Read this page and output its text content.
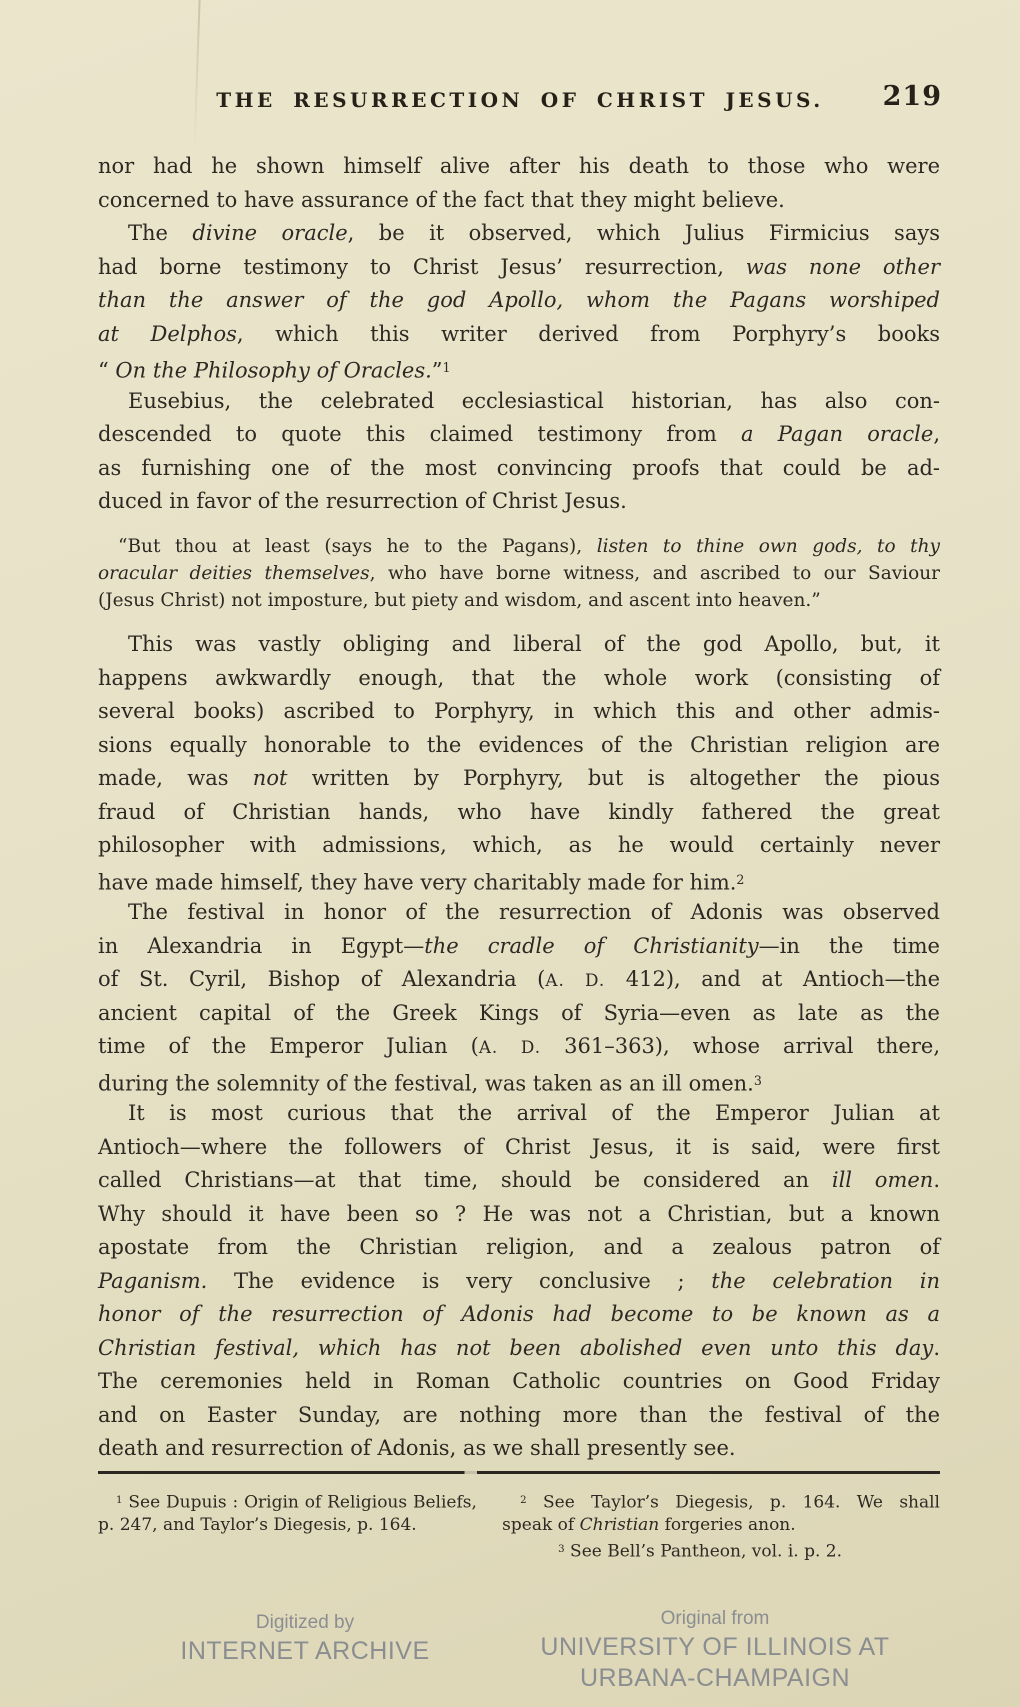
THE RESURRECTION OF CHRIST JESUS.	219
nor had he shown himself alive after his death to those who were
concerned to have assurance of the fact that they might believe.
The divine oracle, be it observed, which Julius Firmicius says
had borne testimony to Christ Jesus’ resurrection, was none other
than the answer of the god Apollo, whom the Pagans worshiped
at Delphos, which this writer derived from Porphyry’s books
“ On the Philosophy of Oracles.”$^1$
Eusebius, the celebrated ecclesiastical historian, has also con-
descended to quote this claimed testimony from a Pagan oracle,
as furnishing one of the most convincing proofs that could be ad-
duced in favor of the resurrection of Christ Jesus.
“But thou at least (says he to the Pagans), listen to thine own gods, to thy
oracular deities themselves, who have borne witness, and ascribed to our Saviour
(Jesus Christ) not imposture, but piety and wisdom, and ascent into heaven.”
This was vastly obliging and liberal of the god Apollo, but, it
happens awkwardly enough, that the whole work (consisting of
several books) ascribed to Porphyry, in which this and other admis-
sions equally honorable to the evidences of the Christian religion are
made, was not written by Porphyry, but is altogether the pious
fraud of Christian hands, who have kindly fathered the great
philosopher with admissions, which, as he would certainly never
have made himself, they have very charitably made for him.$^2$
The festival in honor of the resurrection of Adonis was observed
in Alexandria in Egypt—the cradle of Christianity—in the time
of St. Cyril, Bishop of Alexandria (A. D. 412), and at Antioch—the
ancient capital of the Greek Kings of Syria—even as late as the
time of the Emperor Julian (A. D. 361–363), whose arrival there,
during the solemnity of the festival, was taken as an ill omen.$^3$
It is most curious that the arrival of the Emperor Julian at
Antioch—where the followers of Christ Jesus, it is said, were first
called Christians—at that time, should be considered an ill omen.
Why should it have been so ? He was not a Christian, but a known
apostate from the Christian religion, and a zealous patron of
Paganism. The evidence is very conclusive ; the celebration in
honor of the resurrection of Adonis had become to be known as a
Christian festival, which has not been abolished even unto this day.
The ceremonies held in Roman Catholic countries on Good Friday
and on Easter Sunday, are nothing more than the festival of the
death and resurrection of Adonis, as we shall presently see.
$^1$ See Dupuis : Origin of Religious Beliefs,
p. 247, and Taylor’s Diegesis, p. 164.
$^2$ See Taylor’s Diegesis, p. 164. We shall
speak of Christian forgeries anon.
$^3$ See Bell’s Pantheon, vol. i. p. 2.
Digitized by
INTERNET ARCHIVE
Original from
UNIVERSITY OF ILLINOIS AT
URBANA-CHAMPAIGN
